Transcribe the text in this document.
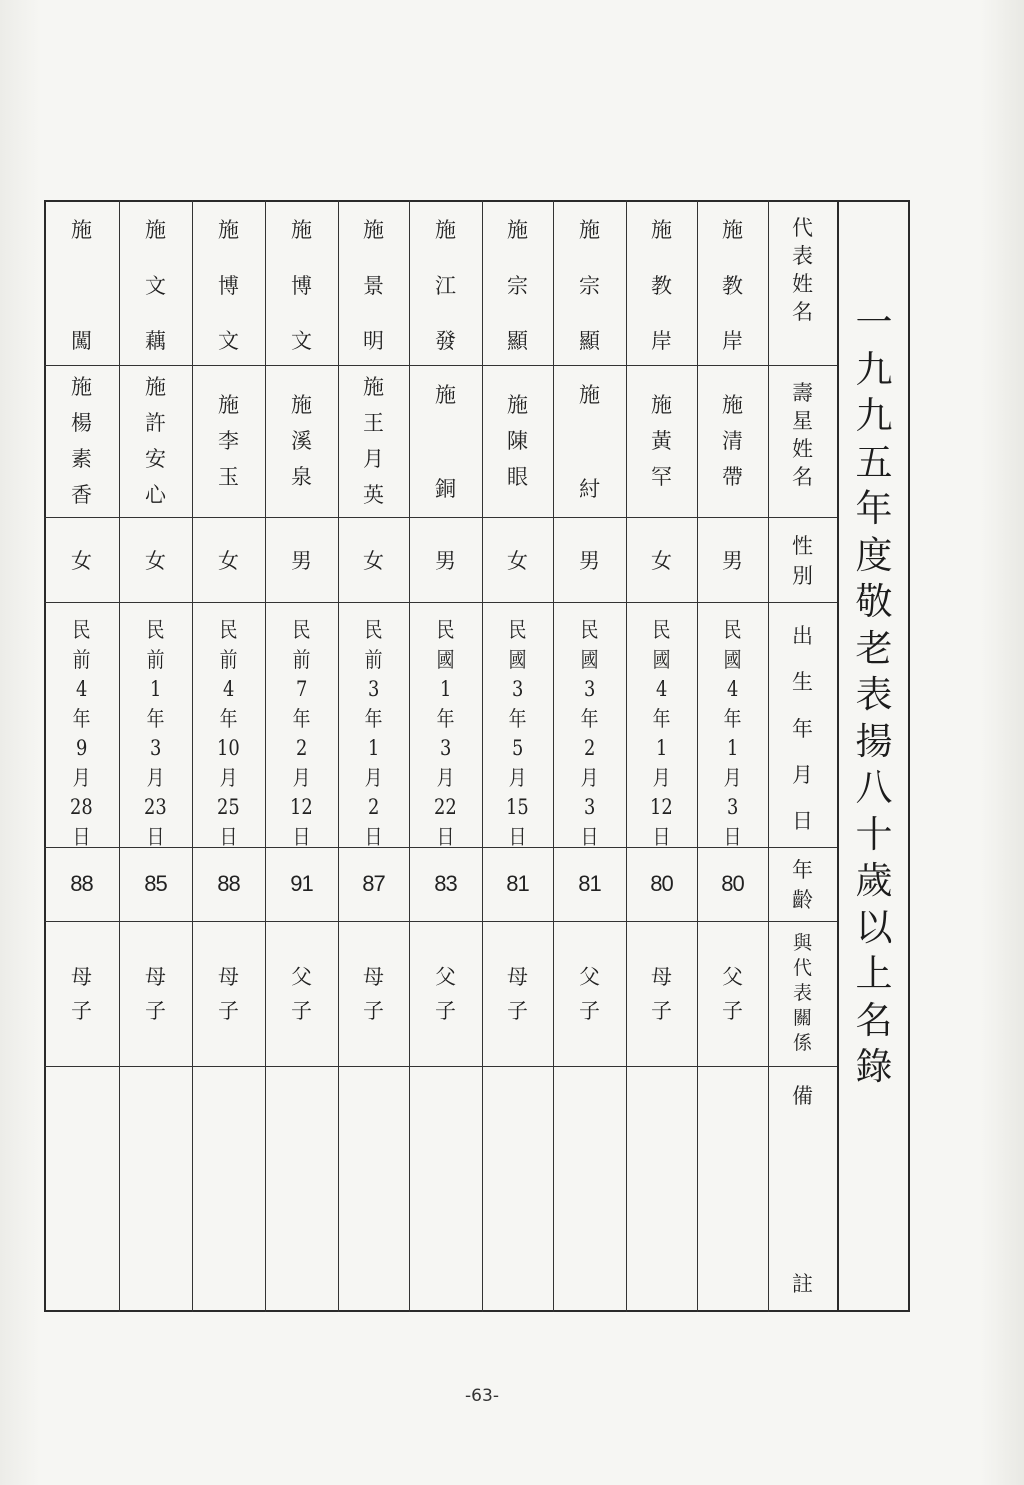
一
九
九
五
年
度
敬
老
表
揚
八
十
歲
以
上
名
錄
代
表
姓
名
壽
星
姓
名
性
別
出
生
年
月
日
年
齡
與
代
表
關
係
備
註
施
教
岸
施
清
帶
男
民
國
4
年
1
月
3
日
80
父
子
施
教
岸
施
黃
罕
女
民
國
4
年
1
月
12
日
80
母
子
施
宗
顯
施
紂
男
民
國
3
年
2
月
3
日
81
父
子
施
宗
顯
施
陳
眼
女
民
國
3
年
5
月
15
日
81
母
子
施
江
發
施
銅
男
民
國
1
年
3
月
22
日
83
父
子
施
景
明
施
王
月
英
女
民
前
3
年
1
月
2
日
87
母
子
施
博
文
施
溪
泉
男
民
前
7
年
2
月
12
日
91
父
子
施
博
文
施
李
玉
女
民
前
4
年
10
月
25
日
88
母
子
施
文
藕
施
許
安
心
女
民
前
1
年
3
月
23
日
85
母
子
施
闖
施
楊
素
香
女
民
前
4
年
9
月
28
日
88
母
子
-63-
